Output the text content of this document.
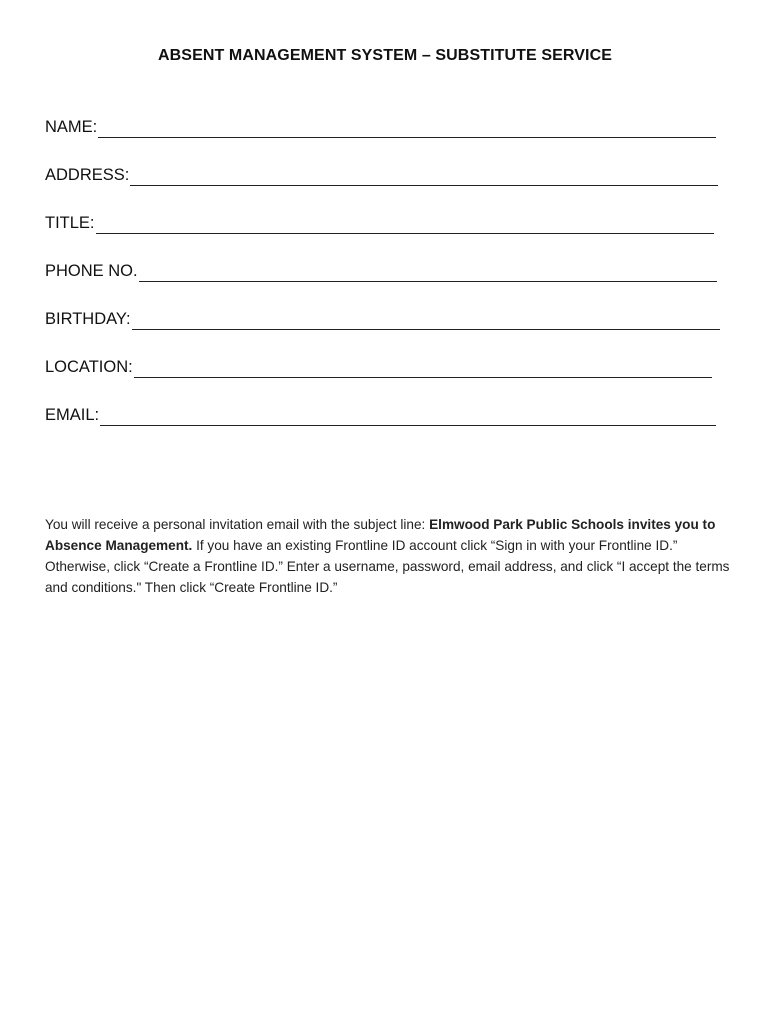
ABSENT MANAGEMENT SYSTEM – SUBSTITUTE SERVICE
NAME:
ADDRESS:
TITLE:
PHONE NO.
BIRTHDAY:
LOCATION:
EMAIL:
You will receive a personal invitation email with the subject line: Elmwood Park Public Schools invites you to Absence Management. If you have an existing Frontline ID account click “Sign in with your Frontline ID.” Otherwise, click “Create a Frontline ID.” Enter a username, password, email address, and click “I accept the terms and conditions." Then click “Create Frontline ID.”
